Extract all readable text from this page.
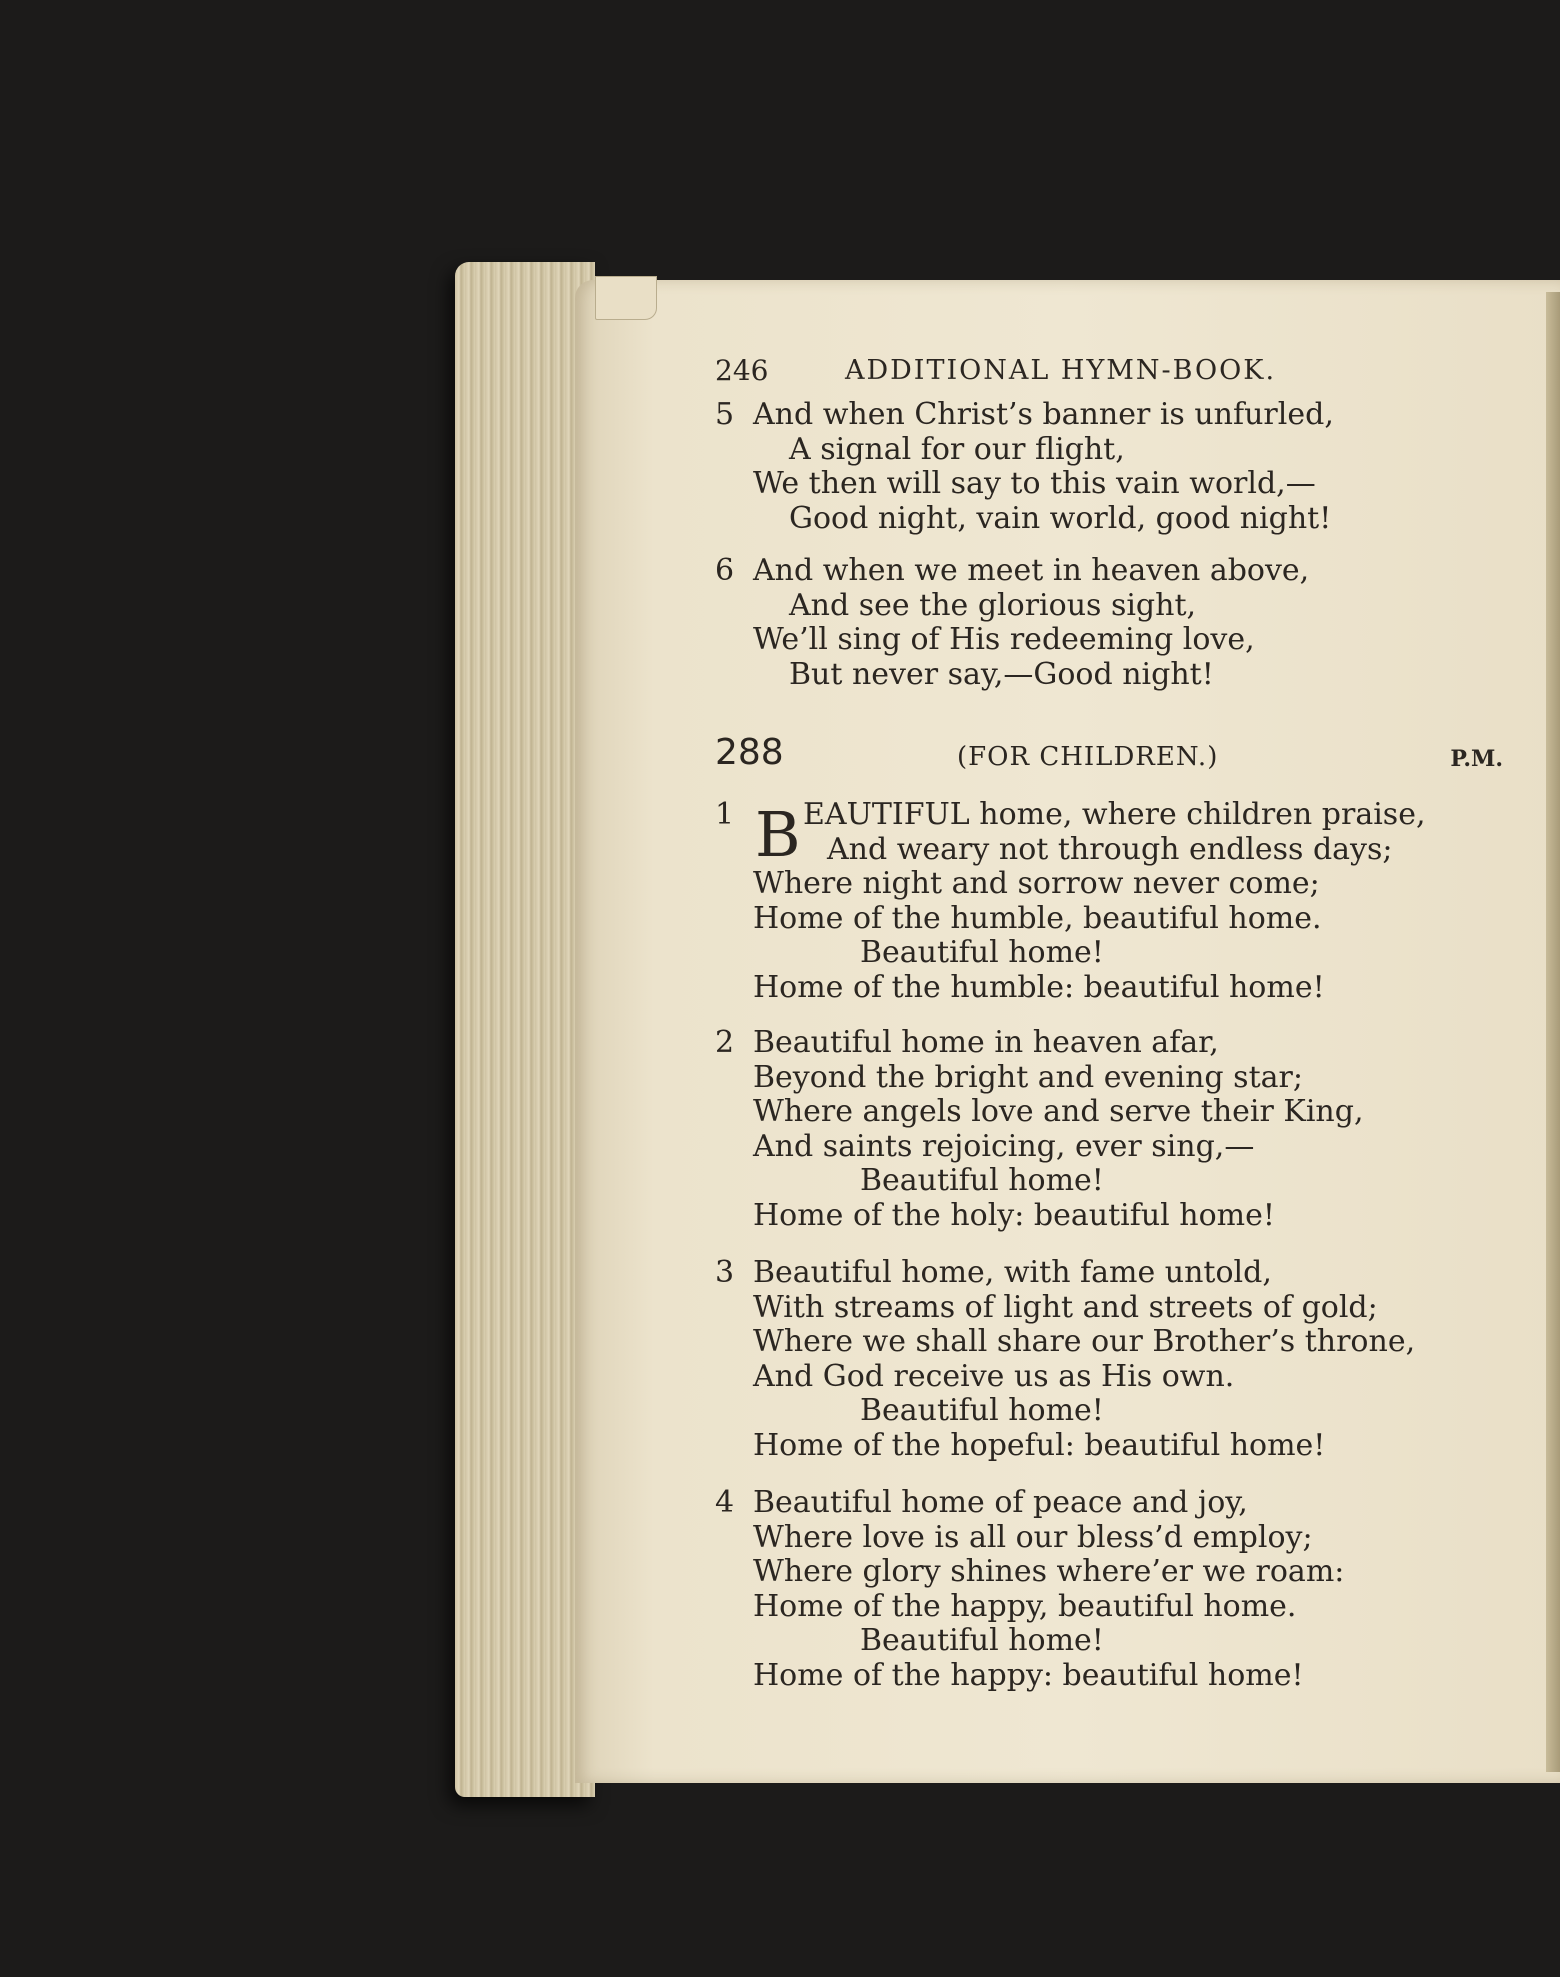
246	ADDITIONAL HYMN-BOOK.
5 And when Christ’s banner is unfurled,
A signal for our flight,
We then will say to this vain world,—
Good night, vain world, good night!
6 And when we meet in heaven above,
And see the glorious sight,
We’ll sing of His redeeming love,
But never say,—Good night!
288	(FOR CHILDREN.)	P.M.
1 B EAUTIFUL home, where children praise,
And weary not through endless days;
Where night and sorrow never come;
Home of the humble, beautiful home.
Beautiful home!
Home of the humble: beautiful home!
2 Beautiful home in heaven afar,
Beyond the bright and evening star;
Where angels love and serve their King,
And saints rejoicing, ever sing,—
Beautiful home!
Home of the holy: beautiful home!
3 Beautiful home, with fame untold,
With streams of light and streets of gold;
Where we shall share our Brother’s throne,
And God receive us as His own.
Beautiful home!
Home of the hopeful: beautiful home!
4 Beautiful home of peace and joy,
Where love is all our bless’d employ;
Where glory shines where’er we roam:
Home of the happy, beautiful home.
Beautiful home!
Home of the happy: beautiful home!
